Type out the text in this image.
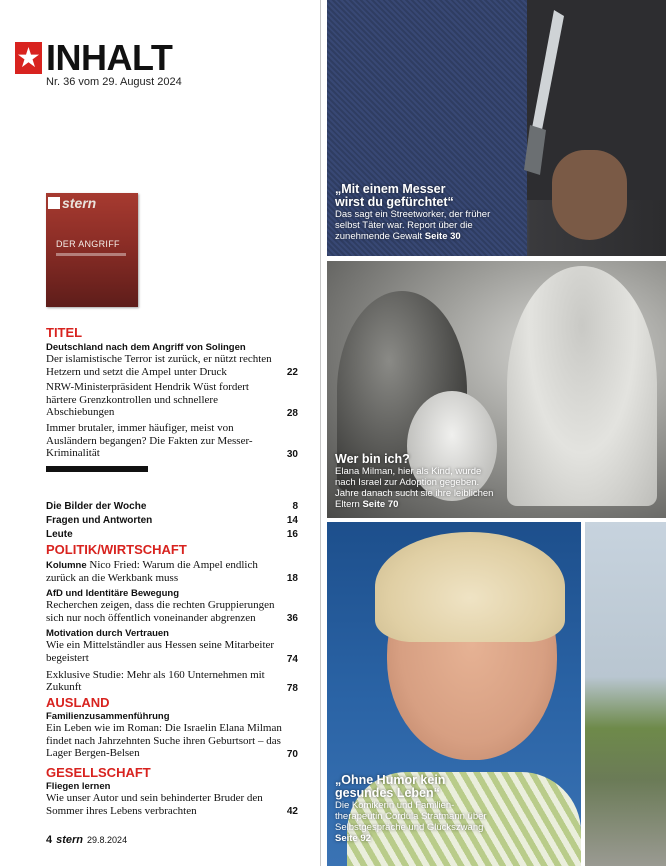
INHALT
Nr. 36 vom 29. August 2024
stern
DER ANGRIFF
TITEL
Deutschland nach dem Angriff von Solingen
Der islamistische Terror ist zurück, er nützt rechten Hetzern und setzt die Ampel unter Druck	22
NRW-Ministerpräsident Hendrik Wüst fordert härtere Grenzkontrollen und schnellere Abschiebungen	28
Immer brutaler, immer häufiger, meist von Ausländern begangen? Die Fakten zur Messer-Kriminalität	30
Die Bilder der Woche	8
Fragen und Antworten	14
Leute	16
POLITIK/WIRTSCHAFT
Kolumne Nico Fried: Warum die Ampel endlich zurück an die Werkbank muss	18
AfD und Identitäre Bewegung
Recherchen zeigen, dass die rechten Gruppierungen sich nur noch öffentlich voneinander abgrenzen	36
Motivation durch Vertrauen
Wie ein Mittelständler aus Hessen seine Mitarbeiter begeistert	74
Exklusive Studie: Mehr als 160 Unternehmen mit Zukunft	78
AUSLAND
Familienzusammenführung
Ein Leben wie im Roman: Die Israelin Elana Milman findet nach Jahrzehnten Suche ihren Geburtsort – das Lager Bergen-Belsen	70
GESELLSCHAFT
Fliegen lernen
Wie unser Autor und sein behinderter Bruder den Sommer ihres Lebens verbrachten	42
4 stern 29.8.2024
„Mit einem Messer
wirst du gefürchtet“
Das sagt ein Streetworker, der früher selbst Täter war. Report über die zunehmende Gewalt Seite 30
Wer bin ich?
Elana Milman, hier als Kind, wurde nach Israel zur Adoption gegeben. Jahre danach sucht sie ihre leiblichen Eltern Seite 70
„Ohne Humor kein
gesundes Leben“
Die Komikerin und Familientherapeutin Cordula Stratmann über Selbstgespräche und Glückszwang Seite 92
